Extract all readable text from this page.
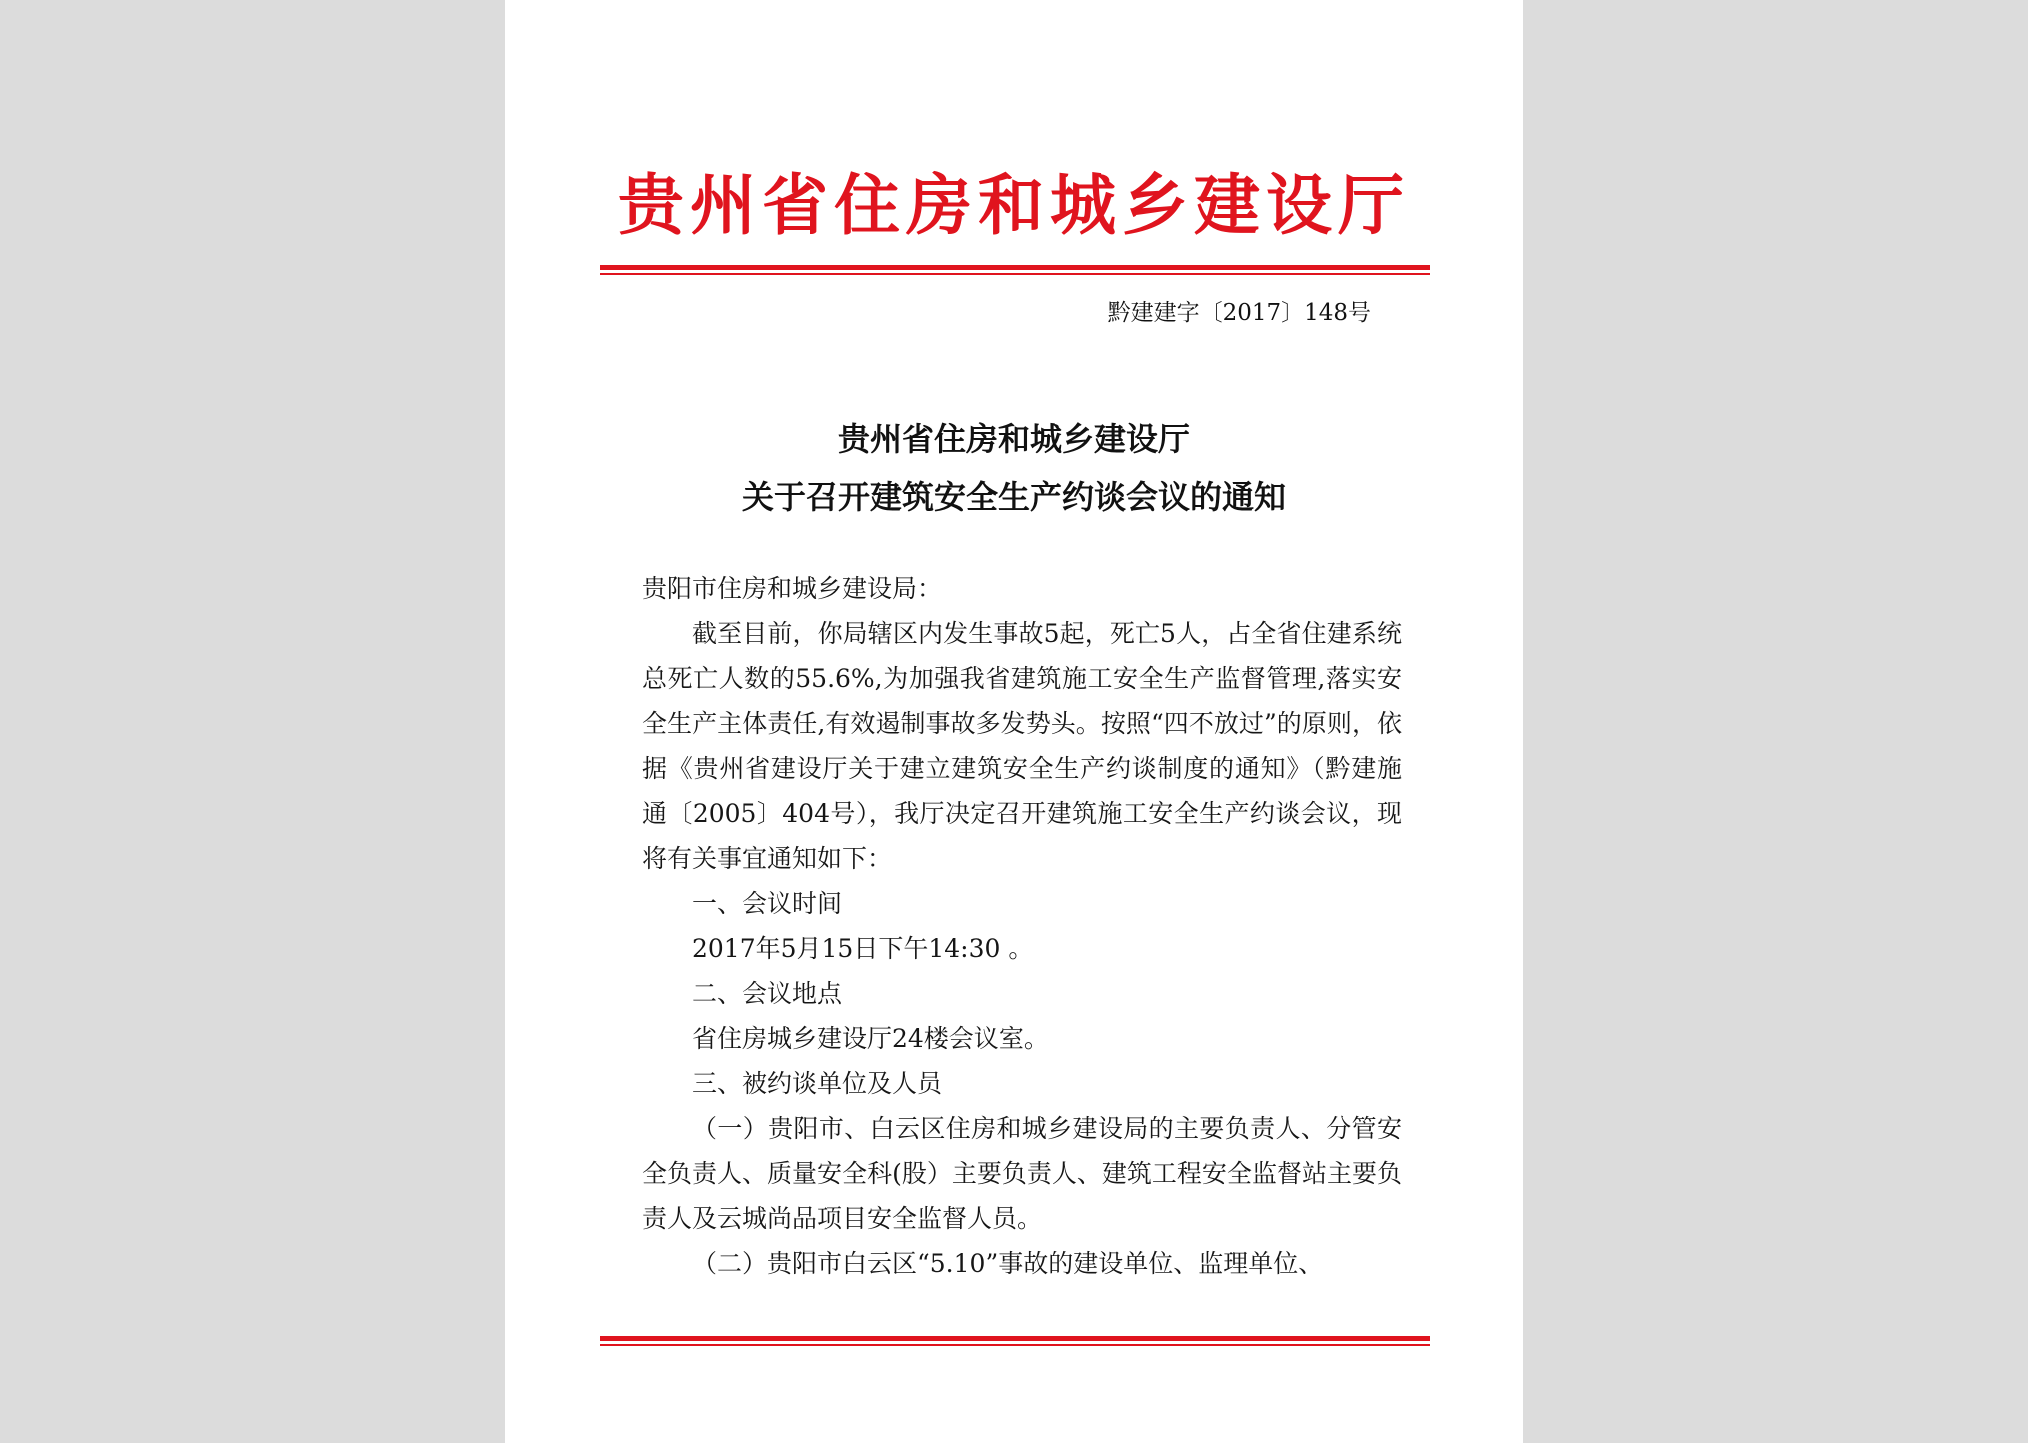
贵州省住房和城乡建设厅
黔建建字〔2017〕148号
贵州省住房和城乡建设厅
关于召开建筑安全生产约谈会议的通知

贵阳市住房和城乡建设局：

截至目前，你局辖区内发生事故5起，死亡5人，占全省住建系统总死亡人数的55.6%,为加强我省建筑施工安全生产监督管理,落实安全生产主体责任,有效遏制事故多发势头。按照“四不放过”的原则，依据《贵州省建设厅关于建立建筑安全生产约谈制度的通知》（黔建施通〔2005〕404号），我厅决定召开建筑施工安全生产约谈会议，现将有关事宜通知如下：

一、会议时间

2017年5月15日下午14:30 。

二、会议地点

省住房城乡建设厅24楼会议室。

三、被约谈单位及人员

（一）贵阳市、白云区住房和城乡建设局的主要负责人、分管安全负责人、质量安全科(股）主要负责人、建筑工程安全监督站主要负责人及云城尚品项目安全监督人员。

（二）贵阳市白云区“5.10”事故的建设单位、监理单位、
